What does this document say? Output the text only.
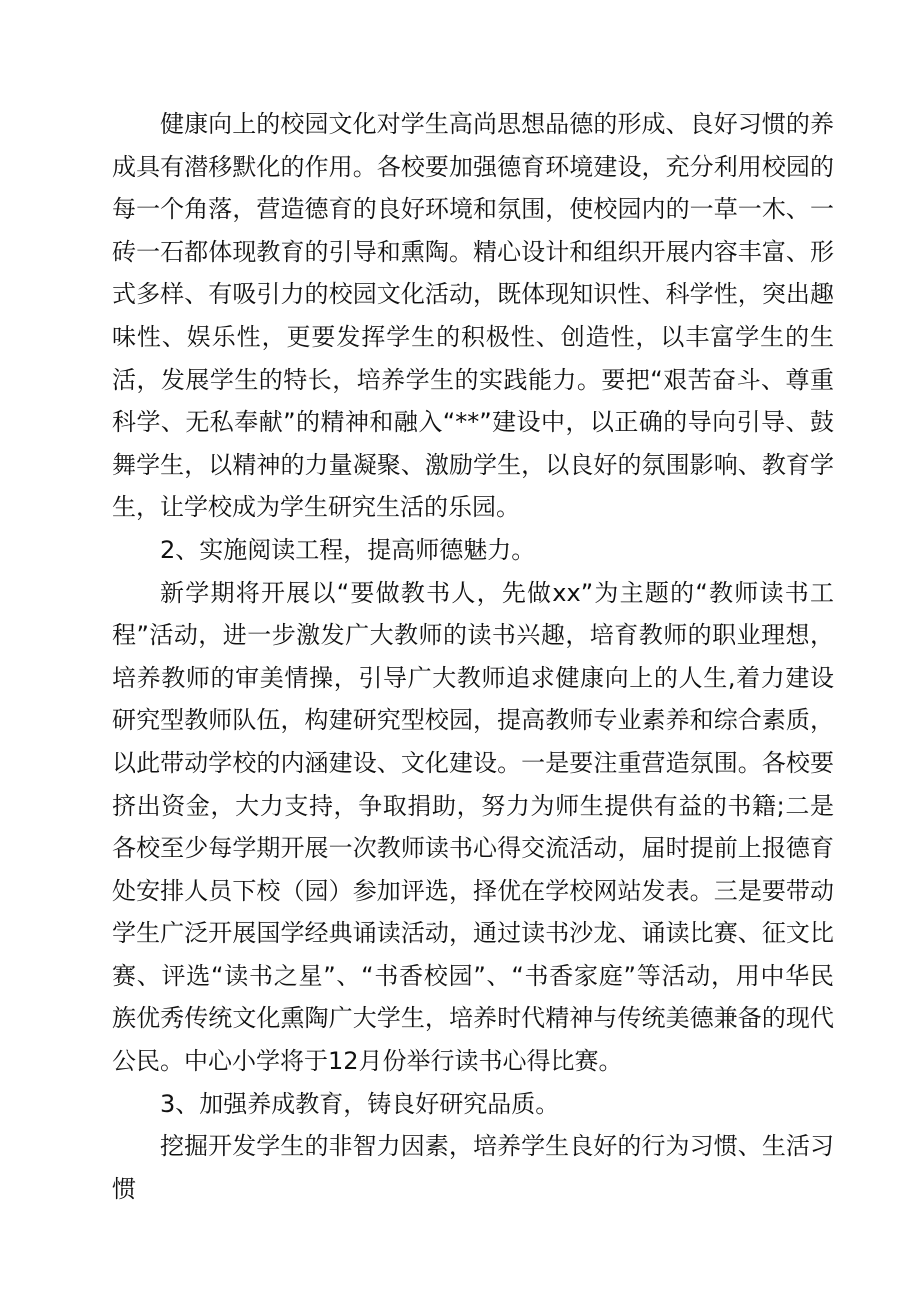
健康向上的校园文化对学生高尚思想品德的形成、良好习惯的养成具有潜移默化的作用。各校要加强德育环境建设，充分利用校园的每一个角落，营造德育的良好环境和氛围，使校园内的一草一木、一砖一石都体现教育的引导和熏陶。精心设计和组织开展内容丰富、形式多样、有吸引力的校园文化活动，既体现知识性、科学性，突出趣味性、娱乐性，更要发挥学生的积极性、创造性，以丰富学生的生活，发展学生的特长，培养学生的实践能力。要把“艰苦奋斗、尊重科学、无私奉献”的精神和融入“**”建设中，以正确的导向引导、鼓舞学生，以精神的力量凝聚、激励学生，以良好的氛围影响、教育学生，让学校成为学生研究生活的乐园。

2、实施阅读工程，提高师德魅力。

新学期将开展以“要做教书人，先做xx”为主题的“教师读书工程”活动，进一步激发广大教师的读书兴趣，培育教师的职业理想，培养教师的审美情操，引导广大教师追求健康向上的人生,着力建设研究型教师队伍，构建研究型校园，提高教师专业素养和综合素质，以此带动学校的内涵建设、文化建设。一是要注重营造氛围。各校要挤出资金，大力支持，争取捐助，努力为师生提供有益的书籍;二是各校至少每学期开展一次教师读书心得交流活动，届时提前上报德育处安排人员下校（园）参加评选，择优在学校网站发表。三是要带动学生广泛开展国学经典诵读活动，通过读书沙龙、诵读比赛、征文比赛、评选“读书之星”、“书香校园”、“书香家庭”等活动，用中华民族优秀传统文化熏陶广大学生，培养时代精神与传统美德兼备的现代公民。中心小学将于12月份举行读书心得比赛。

3、加强养成教育，铸良好研究品质。

挖掘开发学生的非智力因素，培养学生良好的行为习惯、生活习惯
